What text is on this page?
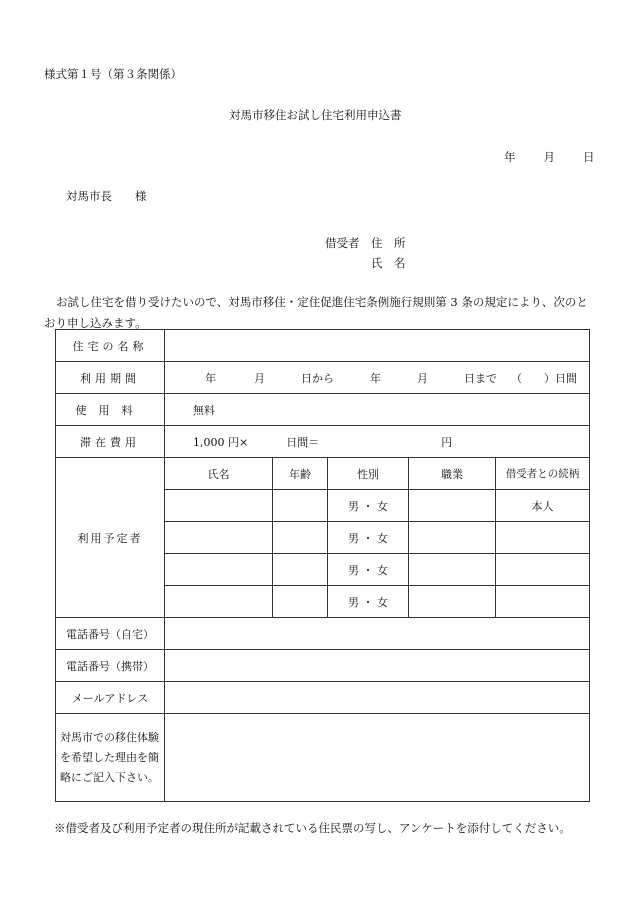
様式第１号（第３条関係）
対馬市移住お試し住宅利用申込書
年 月 日
対馬市長　　様
借受者	住　所
氏　名
お試し住宅を借り受けたいので、対馬市移住・定住促進住宅条例施行規則第 3 条の規定により、次のとおり申し込みます。
住宅の名称					
利用期間	年 月 日から 年 月 日まで （　　）日間				
使用料	無料				
滞在費用	1,000 円× 日間＝ 円				
利用予定者	氏名	年齢	性別	職業	借受者との続柄
			男 ・ 女		本人
			男 ・ 女		
			男 ・ 女		
			男 ・ 女		
電話番号（自宅）					
電話番号（携帯）					
メールアドレス					
対馬市での移住体験を希望した理由を簡略にご記入下さい。					
※借受者及び利用予定者の現住所が記載されている住民票の写し、アンケートを添付してください。
